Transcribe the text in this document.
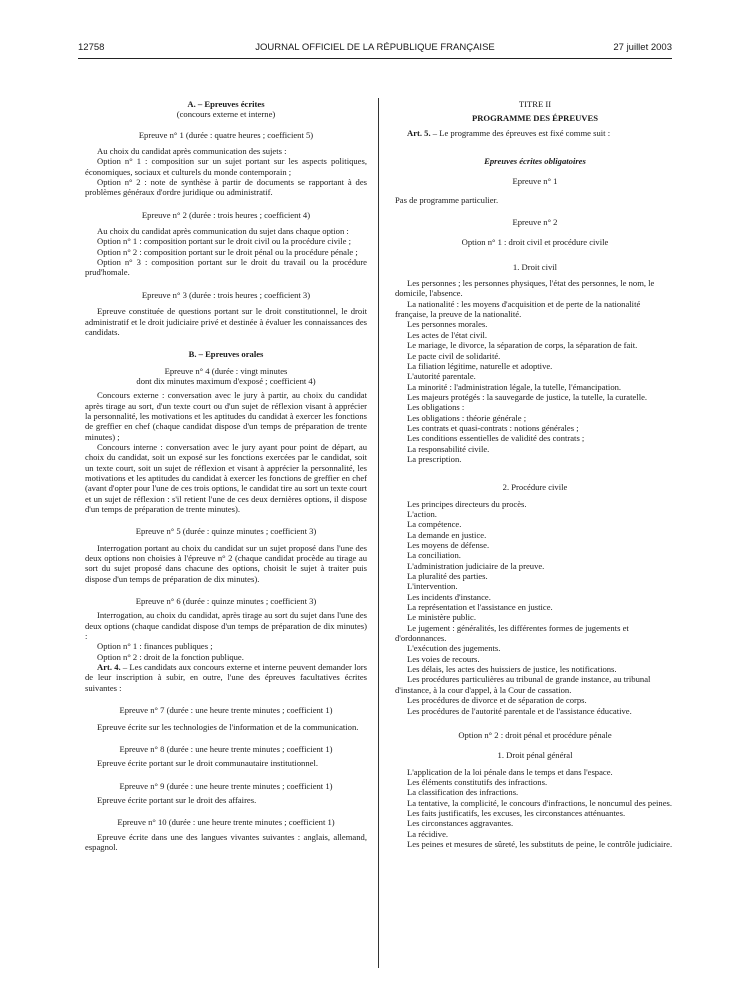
12758	JOURNAL OFFICIEL DE LA RÉPUBLIQUE FRANÇAISE	27 juillet 2003

A. – Epreuves écrites

(concours externe et interne)

Epreuve n° 1 (durée : quatre heures ; coefficient 5)

Au choix du candidat après communication des sujets :

Option n° 1 : composition sur un sujet portant sur les aspects politiques, économiques, sociaux et culturels du monde contemporain ;

Option n° 2 : note de synthèse à partir de documents se rapportant à des problèmes généraux d'ordre juridique ou administratif.

Epreuve n° 2 (durée : trois heures ; coefficient 4)

Au choix du candidat après communication du sujet dans chaque option :

Option n° 1 : composition portant sur le droit civil ou la procédure civile ;

Option n° 2 : composition portant sur le droit pénal ou la procédure pénale ;

Option n° 3 : composition portant sur le droit du travail ou la procédure prud'homale.

Epreuve n° 3 (durée : trois heures ; coefficient 3)

Epreuve constituée de questions portant sur le droit constitutionnel, le droit administratif et le droit judiciaire privé et destinée à évaluer les connaissances des candidats.

B. – Epreuves orales

Epreuve n° 4 (durée : vingt minutes

dont dix minutes maximum d'exposé ; coefficient 4)

Concours externe : conversation avec le jury à partir, au choix du candidat après tirage au sort, d'un texte court ou d'un sujet de réflexion visant à apprécier la personnalité, les motivations et les aptitudes du candidat à exercer les fonctions de greffier en chef (chaque candidat dispose d'un temps de préparation de trente minutes) ;

Concours interne : conversation avec le jury ayant pour point de départ, au choix du candidat, soit un exposé sur les fonctions exercées par le candidat, soit un texte court, soit un sujet de réflexion et visant à apprécier la personnalité, les motivations et les aptitudes du candidat à exercer les fonctions de greffier en chef (avant d'opter pour l'une de ces trois options, le candidat tire au sort un texte court et un sujet de réflexion : s'il retient l'une de ces deux dernières options, il dispose d'un temps de préparation de trente minutes).

Epreuve n° 5 (durée : quinze minutes ; coefficient 3)

Interrogation portant au choix du candidat sur un sujet proposé dans l'une des deux options non choisies à l'épreuve n° 2 (chaque candidat procède au tirage au sort du sujet proposé dans chacune des options, choisit le sujet à traiter puis dispose d'un temps de préparation de dix minutes).

Epreuve n° 6 (durée : quinze minutes ; coefficient 3)

Interrogation, au choix du candidat, après tirage au sort du sujet dans l'une des deux options (chaque candidat dispose d'un temps de préparation de dix minutes) :

Option n° 1 : finances publiques ;

Option n° 2 : droit de la fonction publique.

Art. 4. – Les candidats aux concours externe et interne peuvent demander lors de leur inscription à subir, en outre, l'une des épreuves facultatives écrites suivantes :

Epreuve n° 7 (durée : une heure trente minutes ; coefficient 1)

Epreuve écrite sur les technologies de l'information et de la communication.

Epreuve n° 8 (durée : une heure trente minutes ; coefficient 1)

Epreuve écrite portant sur le droit communautaire institutionnel.

Epreuve n° 9 (durée : une heure trente minutes ; coefficient 1)

Epreuve écrite portant sur le droit des affaires.

Epreuve n° 10 (durée : une heure trente minutes ; coefficient 1)

Epreuve écrite dans une des langues vivantes suivantes : anglais, allemand, espagnol.

TITRE II

PROGRAMME DES ÉPREUVES

Art. 5. – Le programme des épreuves est fixé comme suit :

Epreuves écrites obligatoires

Epreuve n° 1

Pas de programme particulier.

Epreuve n° 2

Option n° 1 : droit civil et procédure civile

1. Droit civil

Les personnes ; les personnes physiques, l'état des personnes, le nom, le domicile, l'absence.

La nationalité : les moyens d'acquisition et de perte de la nationalité française, la preuve de la nationalité.

Les personnes morales.

Les actes de l'état civil.

Le mariage, le divorce, la séparation de corps, la séparation de fait.

Le pacte civil de solidarité.

La filiation légitime, naturelle et adoptive.

L'autorité parentale.

La minorité : l'administration légale, la tutelle, l'émancipation.

Les majeurs protégés : la sauvegarde de justice, la tutelle, la curatelle.

Les obligations :

Les obligations : théorie générale ;

Les contrats et quasi-contrats : notions générales ;

Les conditions essentielles de validité des contrats ;

La responsabilité civile.

La prescription.

2. Procédure civile

Les principes directeurs du procès.

L'action.

La compétence.

La demande en justice.

Les moyens de défense.

La conciliation.

L'administration judiciaire de la preuve.

La pluralité des parties.

L'intervention.

Les incidents d'instance.

La représentation et l'assistance en justice.

Le ministère public.

Le jugement : généralités, les différentes formes de jugements et d'ordonnances.

L'exécution des jugements.

Les voies de recours.

Les délais, les actes des huissiers de justice, les notifications.

Les procédures particulières au tribunal de grande instance, au tribunal d'instance, à la cour d'appel, à la Cour de cassation.

Les procédures de divorce et de séparation de corps.

Les procédures de l'autorité parentale et de l'assistance éducative.

Option n° 2 : droit pénal et procédure pénale

1. Droit pénal général

L'application de la loi pénale dans le temps et dans l'espace.

Les éléments constitutifs des infractions.

La classification des infractions.

La tentative, la complicité, le concours d'infractions, le noncumul des peines.

Les faits justificatifs, les excuses, les circonstances atténuantes.

Les circonstances aggravantes.

La récidive.

Les peines et mesures de sûreté, les substituts de peine, le contrôle judiciaire.
